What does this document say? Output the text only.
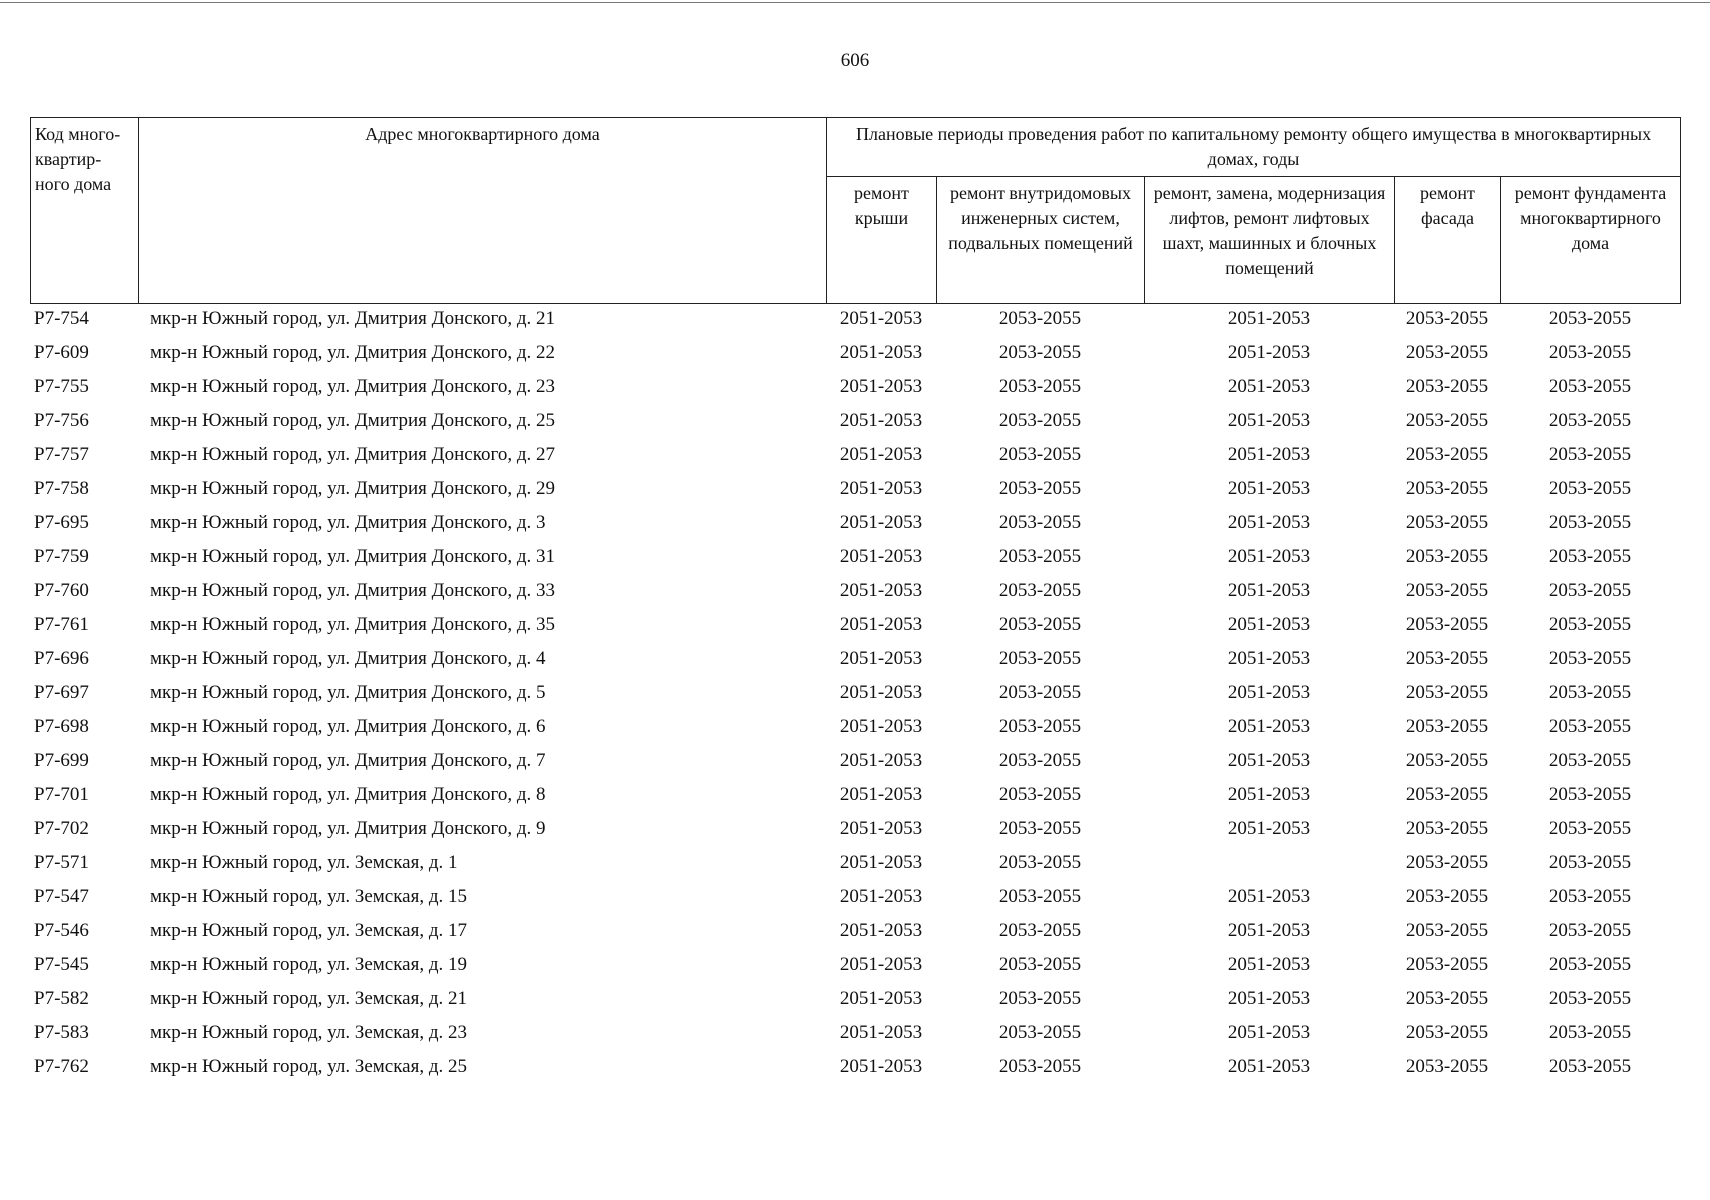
606
Код много-квартир-ного дома	Адрес многоквартирного дома	Плановые периоды проведения работ по капитальному ремонту общего имущества в многоквартирных домах, годы				
		ремонт крыши	ремонт внутридомовых инженерных систем, подвальных помещений	ремонт, замена, модернизация лифтов, ремонт лифтовых шахт, машинных и блочных помещений	ремонт фасада	ремонт фундамента многоквартирного дома
Р7-754	мкр-н Южный город, ул. Дмитрия Донского, д. 21	2051-2053	2053-2055	2051-2053	2053-2055	2053-2055
Р7-609	мкр-н Южный город, ул. Дмитрия Донского, д. 22	2051-2053	2053-2055	2051-2053	2053-2055	2053-2055
Р7-755	мкр-н Южный город, ул. Дмитрия Донского, д. 23	2051-2053	2053-2055	2051-2053	2053-2055	2053-2055
Р7-756	мкр-н Южный город, ул. Дмитрия Донского, д. 25	2051-2053	2053-2055	2051-2053	2053-2055	2053-2055
Р7-757	мкр-н Южный город, ул. Дмитрия Донского, д. 27	2051-2053	2053-2055	2051-2053	2053-2055	2053-2055
Р7-758	мкр-н Южный город, ул. Дмитрия Донского, д. 29	2051-2053	2053-2055	2051-2053	2053-2055	2053-2055
Р7-695	мкр-н Южный город, ул. Дмитрия Донского, д. 3	2051-2053	2053-2055	2051-2053	2053-2055	2053-2055
Р7-759	мкр-н Южный город, ул. Дмитрия Донского, д. 31	2051-2053	2053-2055	2051-2053	2053-2055	2053-2055
Р7-760	мкр-н Южный город, ул. Дмитрия Донского, д. 33	2051-2053	2053-2055	2051-2053	2053-2055	2053-2055
Р7-761	мкр-н Южный город, ул. Дмитрия Донского, д. 35	2051-2053	2053-2055	2051-2053	2053-2055	2053-2055
Р7-696	мкр-н Южный город, ул. Дмитрия Донского, д. 4	2051-2053	2053-2055	2051-2053	2053-2055	2053-2055
Р7-697	мкр-н Южный город, ул. Дмитрия Донского, д. 5	2051-2053	2053-2055	2051-2053	2053-2055	2053-2055
Р7-698	мкр-н Южный город, ул. Дмитрия Донского, д. 6	2051-2053	2053-2055	2051-2053	2053-2055	2053-2055
Р7-699	мкр-н Южный город, ул. Дмитрия Донского, д. 7	2051-2053	2053-2055	2051-2053	2053-2055	2053-2055
Р7-701	мкр-н Южный город, ул. Дмитрия Донского, д. 8	2051-2053	2053-2055	2051-2053	2053-2055	2053-2055
Р7-702	мкр-н Южный город, ул. Дмитрия Донского, д. 9	2051-2053	2053-2055	2051-2053	2053-2055	2053-2055
Р7-571	мкр-н Южный город, ул. Земская, д. 1	2051-2053	2053-2055		2053-2055	2053-2055
Р7-547	мкр-н Южный город, ул. Земская, д. 15	2051-2053	2053-2055	2051-2053	2053-2055	2053-2055
Р7-546	мкр-н Южный город, ул. Земская, д. 17	2051-2053	2053-2055	2051-2053	2053-2055	2053-2055
Р7-545	мкр-н Южный город, ул. Земская, д. 19	2051-2053	2053-2055	2051-2053	2053-2055	2053-2055
Р7-582	мкр-н Южный город, ул. Земская, д. 21	2051-2053	2053-2055	2051-2053	2053-2055	2053-2055
Р7-583	мкр-н Южный город, ул. Земская, д. 23	2051-2053	2053-2055	2051-2053	2053-2055	2053-2055
Р7-762	мкр-н Южный город, ул. Земская, д. 25	2051-2053	2053-2055	2051-2053	2053-2055	2053-2055
